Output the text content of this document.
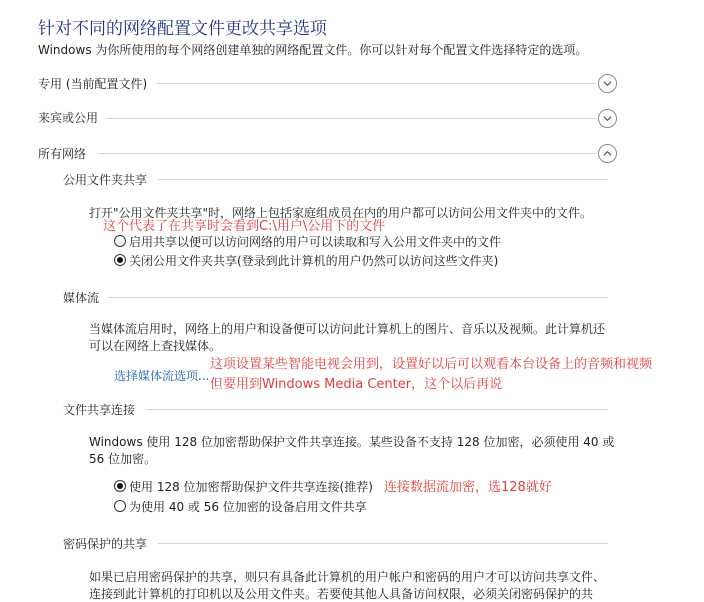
针对不同的网络配置文件更改共享选项
Windows 为你所使用的每个网络创建单独的网络配置文件。你可以针对每个配置文件选择特定的选项。
专用 (当前配置文件)
来宾或公用
所有网络
公用文件夹共享
打开"公用文件夹共享"时，网络上包括家庭组成员在内的用户都可以访问公用文件夹中的文件。
这个代表了在共享时会看到C:\用户\公用下的文件
启用共享以便可以访问网络的用户可以读取和写入公用文件夹中的文件
关闭公用文件夹共享(登录到此计算机的用户仍然可以访问这些文件夹)
媒体流
当媒体流启用时，网络上的用户和设备便可以访问此计算机上的图片、音乐以及视频。此计算机还
可以在网络上查找媒体。
选择媒体流选项...
这项设置某些智能电视会用到，设置好以后可以观看本台设备上的音频和视频
但要用到Windows Media Center，这个以后再说
文件共享连接
Windows 使用 128 位加密帮助保护文件共享连接。某些设备不支持 128 位加密，必须使用 40 或
56 位加密。
使用 128 位加密帮助保护文件共享连接(推荐) 连接数据流加密，选128就好
为使用 40 或 56 位加密的设备启用文件共享
密码保护的共享
如果已启用密码保护的共享，则只有具备此计算机的用户帐户和密码的用户才可以访问共享文件、
连接到此计算机的打印机以及公用文件夹。若要使其他人具备访问权限，必须关闭密码保护的共
